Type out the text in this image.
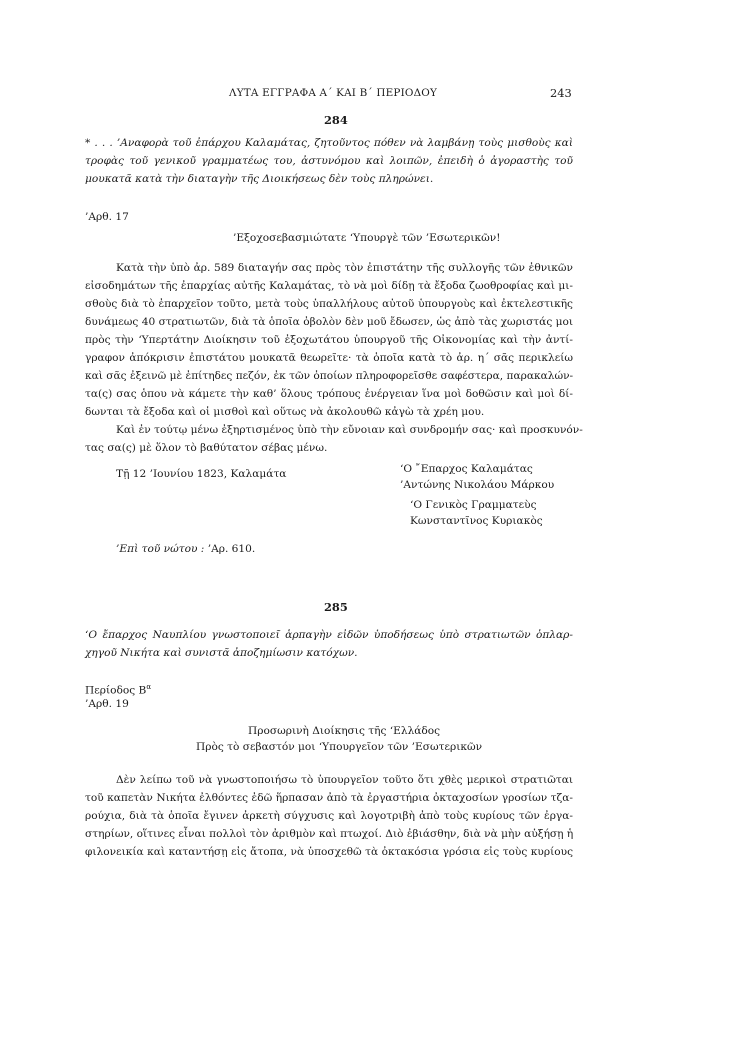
ΛΥΤΑ ΕΓΓΡΑΦΑ Α΄ ΚΑΙ Β΄ ΠΕΡΙΟΔΟΥ	243
284
* . . . ’Αναφορὰ τοῦ ἐπάρχου Καλαμάτας, ζητοῦντος πόθεν νὰ λαμβάνῃ τοὺς μισθοὺς καὶ
τροφὰς τοῦ γενικοῦ γραμματέως του, ἀστυνόμου καὶ λοιπῶν, ἐπειδὴ ὁ ἀγοραστὴς τοῦ
μουκατᾶ κατὰ τὴν διαταγὴν τῆς Διοικήσεως δὲν τοὺς πληρώνει.
’Αρθ. 17
’Εξοχοσεβασμιώτατε ‘Υπουργὲ τῶν ’Εσωτερικῶν!
Κατὰ τὴν ὑπὸ ἀρ. 589 διαταγήν σας πρὸς τὸν ἐπιστάτην τῆς συλλογῆς τῶν ἐθνικῶν
εἰσοδημάτων τῆς ἐπαρχίας αὐτῆς Καλαμάτας, τὸ νὰ μοὶ δίδῃ τὰ ἔξοδα ζωοθροφίας καὶ μι-
σθοὺς διὰ τὸ ἐπαρχεῖον τοῦτο, μετὰ τοὺς ὑπαλλήλους αὐτοῦ ὑπουργοὺς καὶ ἐκτελεστικῆς
δυνάμεως 40 στρατιωτῶν, διὰ τὰ ὁποῖα ὀβολὸν δὲν μοῦ ἔδωσεν, ὡς ἀπὸ τὰς χωριστάς μοι
πρὸς τὴν ‘Υπερτάτην Διοίκησιν τοῦ ἐξοχωτάτου ὑπουργοῦ τῆς Οἰκονομίας καὶ τὴν ἀντί-
γραφον ἀπόκρισιν ἐπιστάτου μουκατᾶ θεωρεῖτε· τὰ ὁποῖα κατὰ τὸ ἀρ. η΄ σᾶς περικλείω
καὶ σᾶς ἐξεινῶ μὲ ἐπίτηδες πεζόν, ἐκ τῶν ὁποίων πληροφορεῖσθε σαφέστερα, παρακαλών-
τα(ς) σας ὁπου νὰ κάμετε τὴν καθ’ ὅλους τρόπους ἐνέργειαν ἵνα μοὶ δοθῶσιν καὶ μοὶ δί-
δωνται τὰ ἔξοδα καὶ οἱ μισθοὶ καὶ οὕτως νὰ ἀκολουθῶ κἀγὼ τὰ χρέη μου.
Καὶ ἐν τούτῳ μένω ἐξηρτισμένος ὑπὸ τὴν εὔνοιαν καὶ συνδρομήν σας· καὶ προσκυνόν-
τας σα(ς) μὲ ὅλον τὸ βαθύτατον σέβας μένω.
Τῇ 12 ’Ιουνίου 1823, Καλαμάτα	‘Ο ῎Επαρχος Καλαμάτας
’Αντώνης Νικολάου Μάρκου
‘Ο Γενικὸς Γραμματεὺς
Κωνσταντῖνος Κυριακὸς
’Επὶ τοῦ νώτου : ’Αρ. 610.
285
‘Ο ἔπαρχος Ναυπλίου γνωστοποιεῖ ἁρπαγὴν εἰδῶν ὑποδήσεως ὑπὸ στρατιωτῶν ὁπλαρ-
χηγοῦ Νικήτα καὶ συνιστᾶ ἀποζημίωσιν κατόχων.
Περίοδος $B^\alpha$
’Αρθ. 19
Προσωρινὴ Διοίκησις τῆς ‘Ελλάδος
Πρὸς τὸ σεβαστόν μοι ‘Υπουργεῖον τῶν ’Εσωτερικῶν
Δὲν λείπω τοῦ νὰ γνωστοποιήσω τὸ ὑπουργεῖον τοῦτο ὅτι χθὲς μερικοὶ στρατιῶται
τοῦ καπετὰν Νικήτα ἐλθόντες ἐδῶ ἥρπασαν ἀπὸ τὰ ἐργαστήρια ὀκταχοσίων γροσίων τζα-
ρούχια, διὰ τὰ ὁποῖα ἔγινεν ἀρκετὴ σύγχυσις καὶ λογοτριβὴ ἀπὸ τοὺς κυρίους τῶν ἐργα-
στηρίων, οἵτινες εἶναι πολλοὶ τὸν ἀριθμὸν καὶ πτωχοί. Διὸ ἐβιάσθην, διὰ νὰ μὴν αὐξήσῃ ἡ
φιλονεικία καὶ καταντήσῃ εἰς ἄτοπα, νὰ ὑποσχεθῶ τὰ ὀκτακόσια γρόσια εἰς τοὺς κυρίους
